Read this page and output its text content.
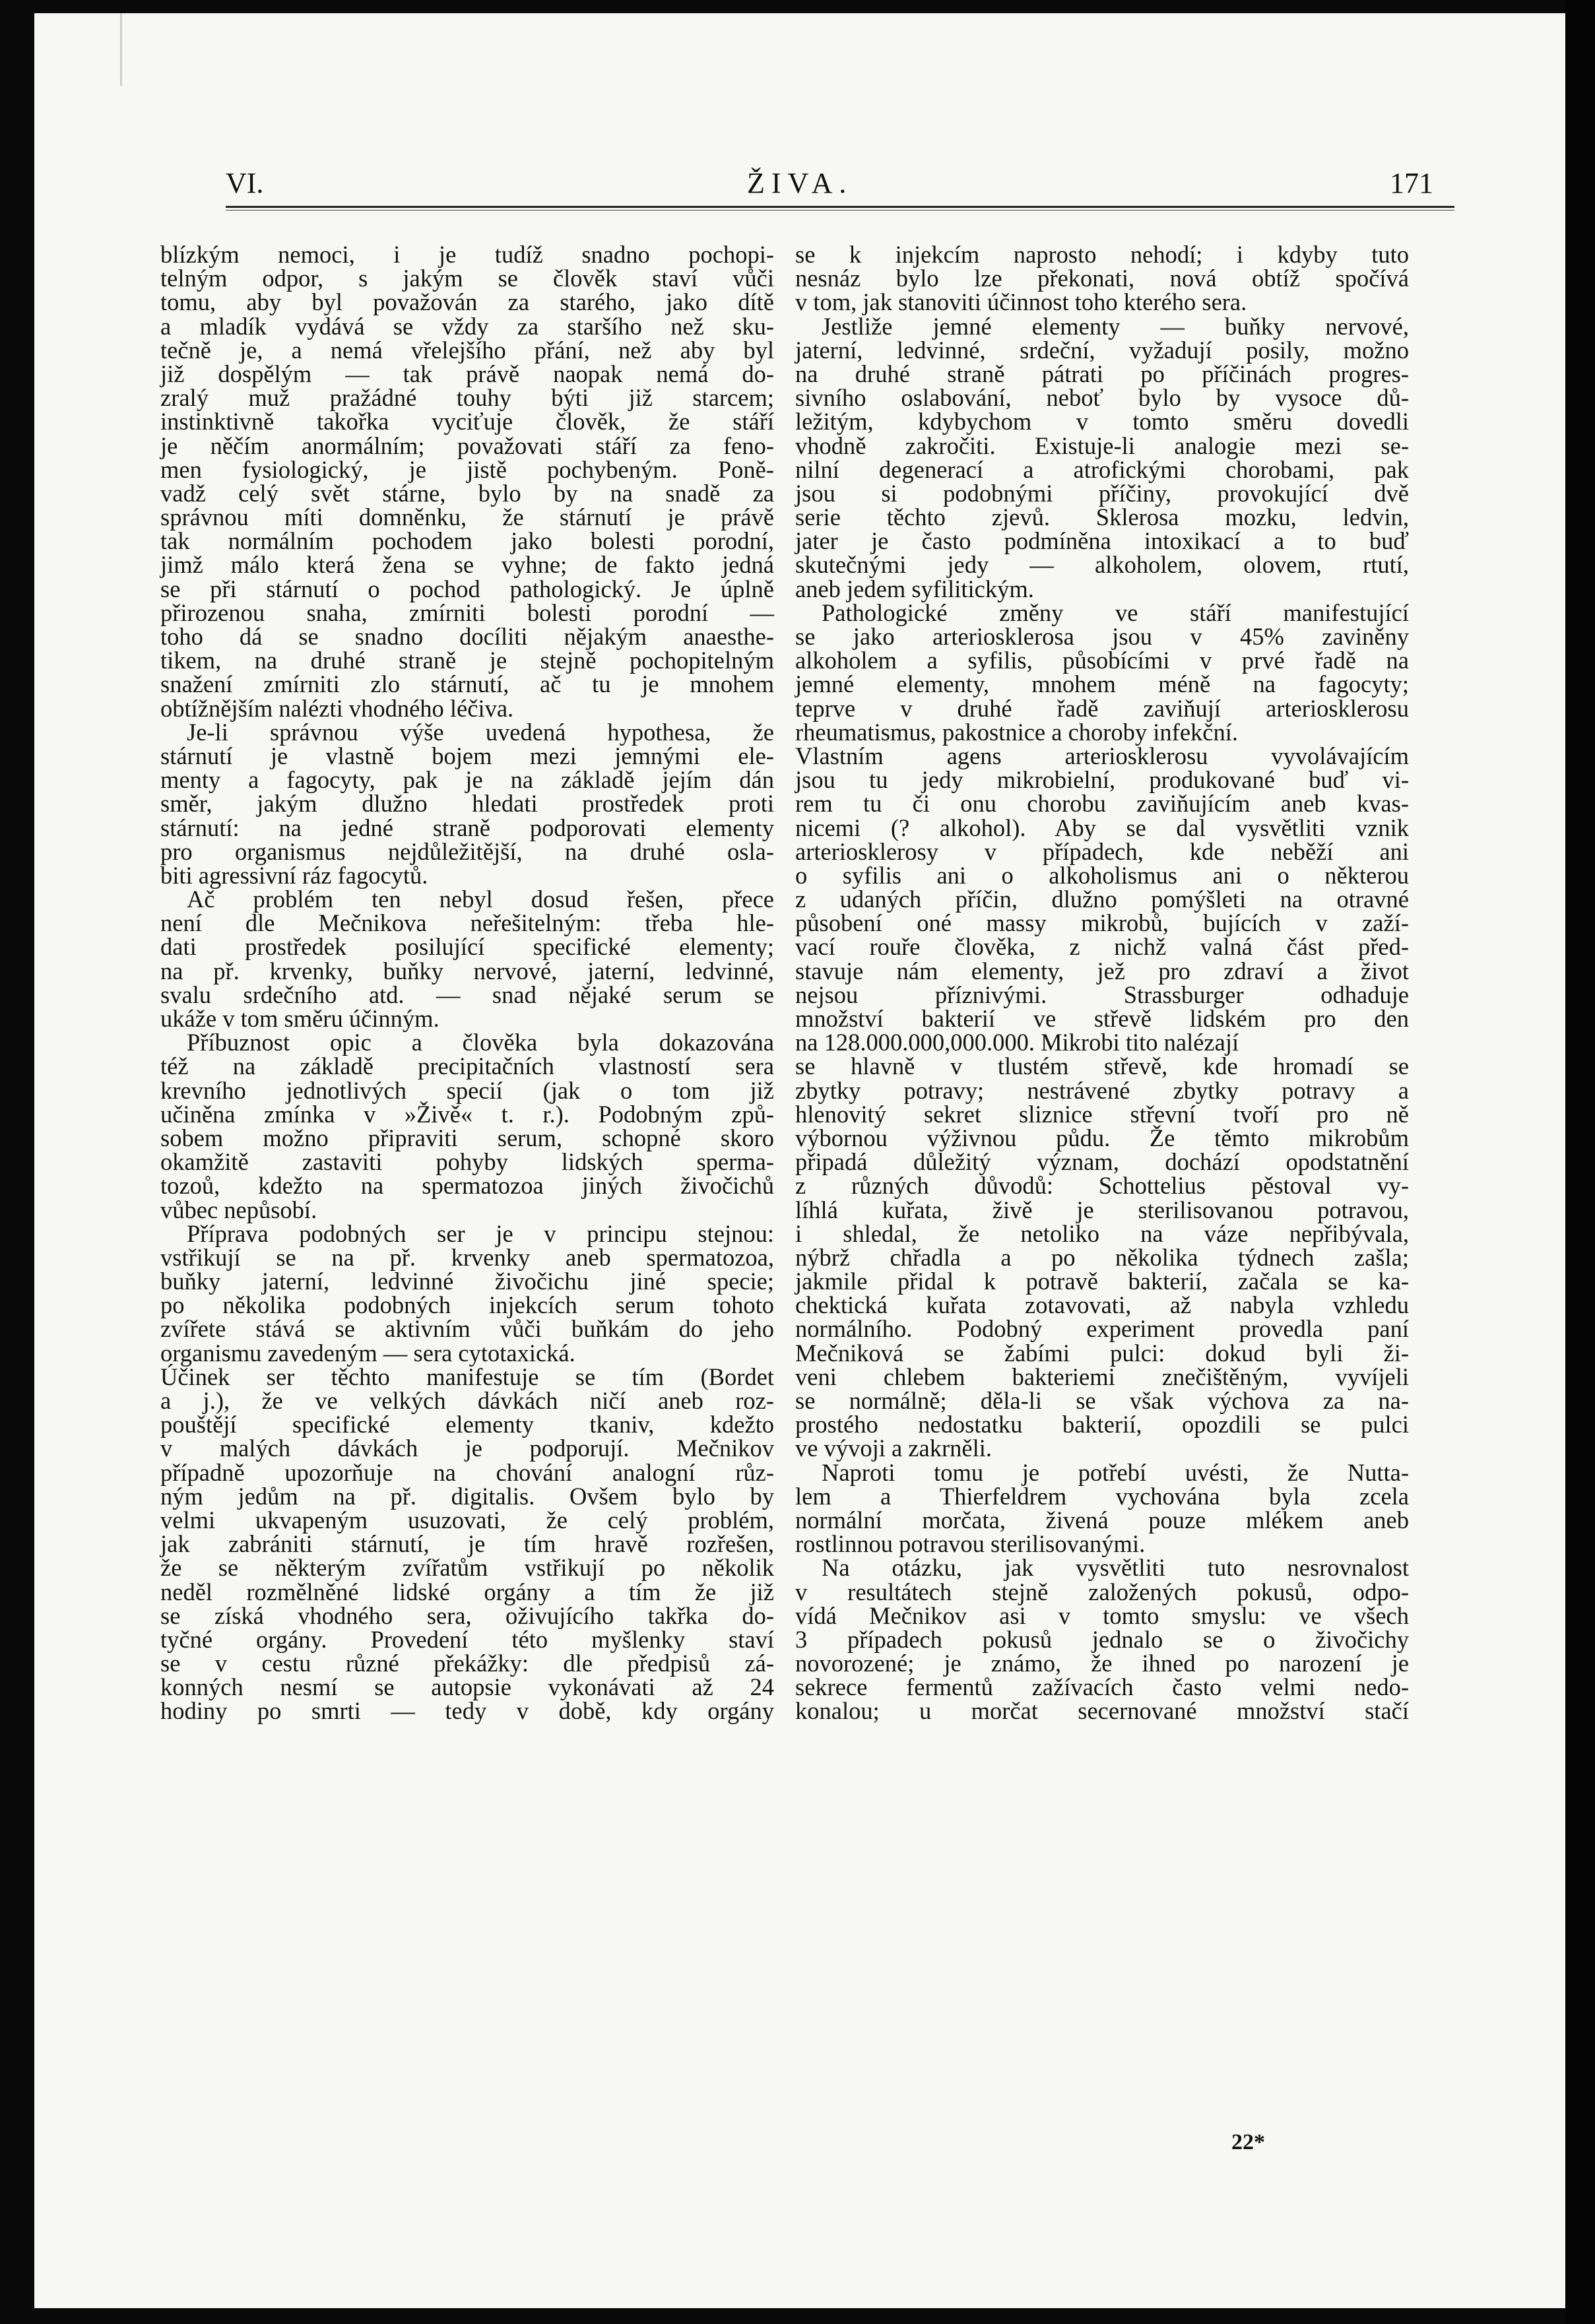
VI.	ŽIVA.	171
blízkým nemoci, i je tudíž snadno pochopi-
telným odpor, s jakým se člověk staví vůči
tomu, aby byl považován za starého, jako dítě
a mladík vydává se vždy za staršího než sku-
tečně je, a nemá vřelejšího přání, než aby byl
již dospělým — tak právě naopak nemá do-
zralý muž pražádné touhy býti již starcem;
instinktivně takořka vyciťuje člověk, že stáří
je něčím anormálním; považovati stáří za feno-
men fysiologický, je jistě pochybeným. Poně-
vadž celý svět stárne, bylo by na snadě za
správnou míti domněnku, že stárnutí je právě
tak normálním pochodem jako bolesti porodní,
jimž málo která žena se vyhne; de fakto jedná
se při stárnutí o pochod pathologický. Je úplně
přirozenou snaha, zmírniti bolesti porodní —
toho dá se snadno docíliti nějakým anaesthe-
tikem, na druhé straně je stejně pochopitelným
snažení zmírniti zlo stárnutí, ač tu je mnohem
obtížnějším nalézti vhodného léčiva.
Je-li správnou výše uvedená hypothesa, že
stárnutí je vlastně bojem mezi jemnými ele-
menty a fagocyty, pak je na základě jejím dán
směr, jakým dlužno hledati prostředek proti
stárnutí: na jedné straně podporovati elementy
pro organismus nejdůležitější, na druhé osla-
biti agressivní ráz fagocytů.
Ač problém ten nebyl dosud řešen, přece
není dle Mečnikova neřešitelným: třeba hle-
dati prostředek posilující specifické elementy;
na př. krvenky, buňky nervové, jaterní, ledvinné,
svalu srdečního atd. — snad nějaké serum se
ukáže v tom směru účinným.
Příbuznost opic a člověka byla dokazována
též na základě precipitačních vlastností sera
krevního jednotlivých specií (jak o tom již
učiněna zmínka v »Živě« t. r.). Podobným způ-
sobem možno připraviti serum, schopné skoro
okamžitě zastaviti pohyby lidských sperma-
tozoů, kdežto na spermatozoa jiných živočichů
vůbec nepůsobí.
Příprava podobných ser je v principu stejnou:
vstřikují se na př. krvenky aneb spermatozoa,
buňky jaterní, ledvinné živočichu jiné specie;
po několika podobných injekcích serum tohoto
zvířete stává se aktivním vůči buňkám do jeho
organismu zavedeným — sera cytotaxická.
Účinek ser těchto manifestuje se tím (Bordet
a j.), že ve velkých dávkách ničí aneb roz-
pouštějí specifické elementy tkaniv, kdežto
v malých dávkách je podporují. Mečnikov
případně upozorňuje na chování analogní růz-
ným jedům na př. digitalis. Ovšem bylo by
velmi ukvapeným usuzovati, že celý problém,
jak zabrániti stárnutí, je tím hravě rozřešen,
že se některým zvířatům vstřikují po několik
neděl rozmělněné lidské orgány a tím že již
se získá vhodného sera, oživujícího takřka do-
tyčné orgány. Provedení této myšlenky staví
se v cestu různé překážky: dle předpisů zá-
konných nesmí se autopsie vykonávati až 24
hodiny po smrti — tedy v době, kdy orgány
se k injekcím naprosto nehodí; i kdyby tuto
nesnáz bylo lze překonati, nová obtíž spočívá
v tom, jak stanoviti účinnost toho kterého sera.
Jestliže jemné elementy — buňky nervové,
jaterní, ledvinné, srdeční, vyžadují posily, možno
na druhé straně pátrati po příčinách progres-
sivního oslabování, neboť bylo by vysoce dů-
ležitým, kdybychom v tomto směru dovedli
vhodně zakročiti. Existuje-li analogie mezi se-
nilní degenerací a atrofickými chorobami, pak
jsou si podobnými příčiny, provokující dvě
serie těchto zjevů. Sklerosa mozku, ledvin,
jater je často podmíněna intoxikací a to buď
skutečnými jedy — alkoholem, olovem, rtutí,
aneb jedem syfilitickým.
Pathologické změny ve stáří manifestující
se jako arteriosklerosa jsou v 45% zaviněny
alkoholem a syfilis, působícími v prvé řadě na
jemné elementy, mnohem méně na fagocyty;
teprve v druhé řadě zaviňují arteriosklerosu
rheumatismus, pakostnice a choroby infekční.
Vlastním agens arteriosklerosu vyvolávajícím
jsou tu jedy mikrobielní, produkované buď vi-
rem tu či onu chorobu zaviňujícím aneb kvas-
nicemi (? alkohol). Aby se dal vysvětliti vznik
arteriosklerosy v případech, kde neběží ani
o syfilis ani o alkoholismus ani o některou
z udaných příčin, dlužno pomýšleti na otravné
působení oné massy mikrobů, bujících v zaží-
vací rouře člověka, z nichž valná část před-
stavuje nám elementy, jež pro zdraví a život
nejsou příznivými. Strassburger odhaduje
množství bakterií ve střevě lidském pro den
na 128.000.000,000.000. Mikrobi tito nalézají
se hlavně v tlustém střevě, kde hromadí se
zbytky potravy; nestrávené zbytky potravy a
hlenovitý sekret sliznice střevní tvoří pro ně
výbornou výživnou půdu. Že těmto mikrobům
připadá důležitý význam, dochází opodstatnění
z různých důvodů: Schottelius pěstoval vy-
líhlá kuřata, živě je sterilisovanou potravou,
i shledal, že netoliko na váze nepřibývala,
nýbrž chřadla a po několika týdnech zašla;
jakmile přidal k potravě bakterií, začala se ka-
chektická kuřata zotavovati, až nabyla vzhledu
normálního. Podobný experiment provedla paní
Mečniková se žabími pulci: dokud byli ži-
veni chlebem bakteriemi znečištěným, vyvíjeli
se normálně; děla-li se však výchova za na-
prostého nedostatku bakterií, opozdili se pulci
ve vývoji a zakrněli.
Naproti tomu je potřebí uvésti, že Nutta-
lem a Thierfeldrem vychována byla zcela
normální morčata, živená pouze mlékem aneb
rostlinnou potravou sterilisovanými.
Na otázku, jak vysvětliti tuto nesrovnalost
v resultátech stejně založených pokusů, odpo-
vídá Mečnikov asi v tomto smyslu: ve všech
3 případech pokusů jednalo se o živočichy
novorozené; je známo, že ihned po narození je
sekrece fermentů zažívacích často velmi nedo-
konalou; u morčat secernované množství stačí
22*
